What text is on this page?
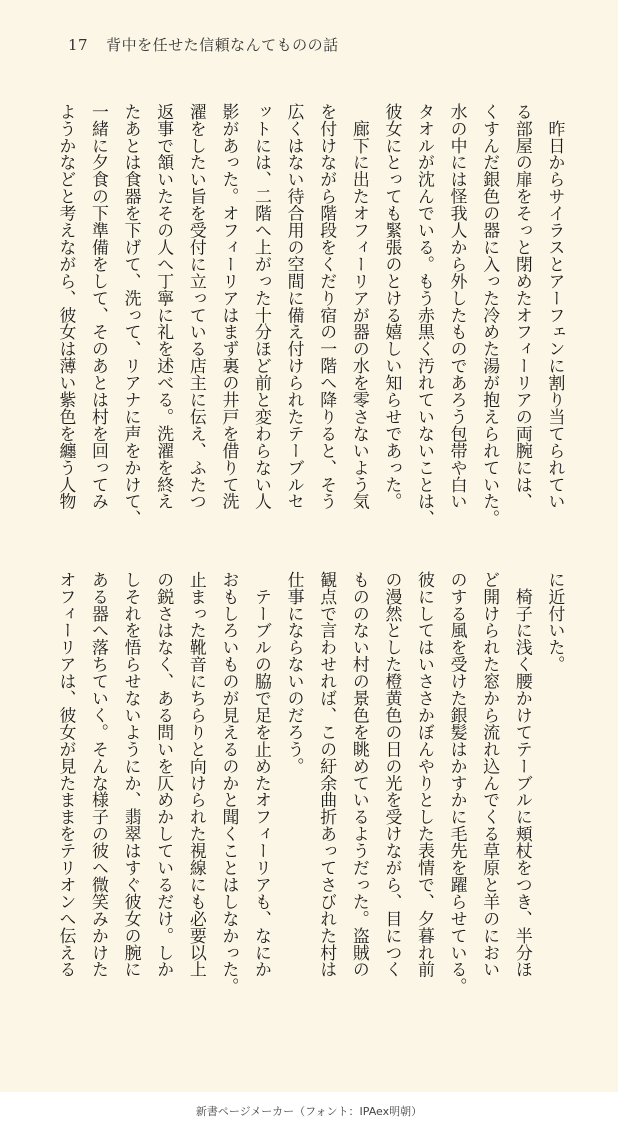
17 背中を任せた信頼なんてものの話
　昨日からサイラスとアーフェンに割り当てられてい
る部屋の扉をそっと閉めたオフィーリアの両腕には、
くすんだ銀色の器に入った冷めた湯が抱えられていた。
水の中には怪我人から外したものであろう包帯や白い
タオルが沈んでいる。もう赤黒く汚れていないことは、
彼女にとっても緊張のとける嬉しい知らせであった。
　廊下に出たオフィーリアが器の水を零さないよう気
を付けながら階段をくだり宿の一階へ降りると、そう
広くはない待合用の空間に備え付けられたテーブルセ
ットには、二階へ上がった十分ほど前と変わらない人
影があった。オフィーリアはまず裏の井戸を借りて洗
濯をしたい旨を受付に立っている店主に伝え、ふたつ
返事で頷いたその人へ丁寧に礼を述べる。洗濯を終え
たあとは食器を下げて、洗って、リアナに声をかけて、
一緒に夕食の下準備をして、そのあとは村を回ってみ
ようかなどと考えながら、彼女は薄い紫色を纏う人物
に近付いた。
　椅子に浅く腰かけてテーブルに頬杖をつき、半分ほ
ど開けられた窓から流れ込んでくる草原と羊のにおい
のする風を受けた銀髪はかすかに毛先を躍らせている。
彼にしてはいささかぼんやりとした表情で、夕暮れ前
の漫然とした橙黄色の日の光を受けながら、目につく
もののない村の景色を眺めているようだった。盗賊の
観点で言わせれば、この紆余曲折あってさびれた村は
仕事にならないのだろう。
　テーブルの脇で足を止めたオフィーリアも、なにか
おもしろいものが見えるのかと聞くことはしなかった。
止まった靴音にちらりと向けられた視線にも必要以上
の鋭さはなく、ある問いを仄めかしているだけ。しか
しそれを悟らせないようにか、翡翠はすぐ彼女の腕に
ある器へ落ちていく。そんな様子の彼へ微笑みかけた
オフィーリアは、彼女が見たままをテリオンへ伝える
新書ページメーカー（フォント：IPAex明朝）
